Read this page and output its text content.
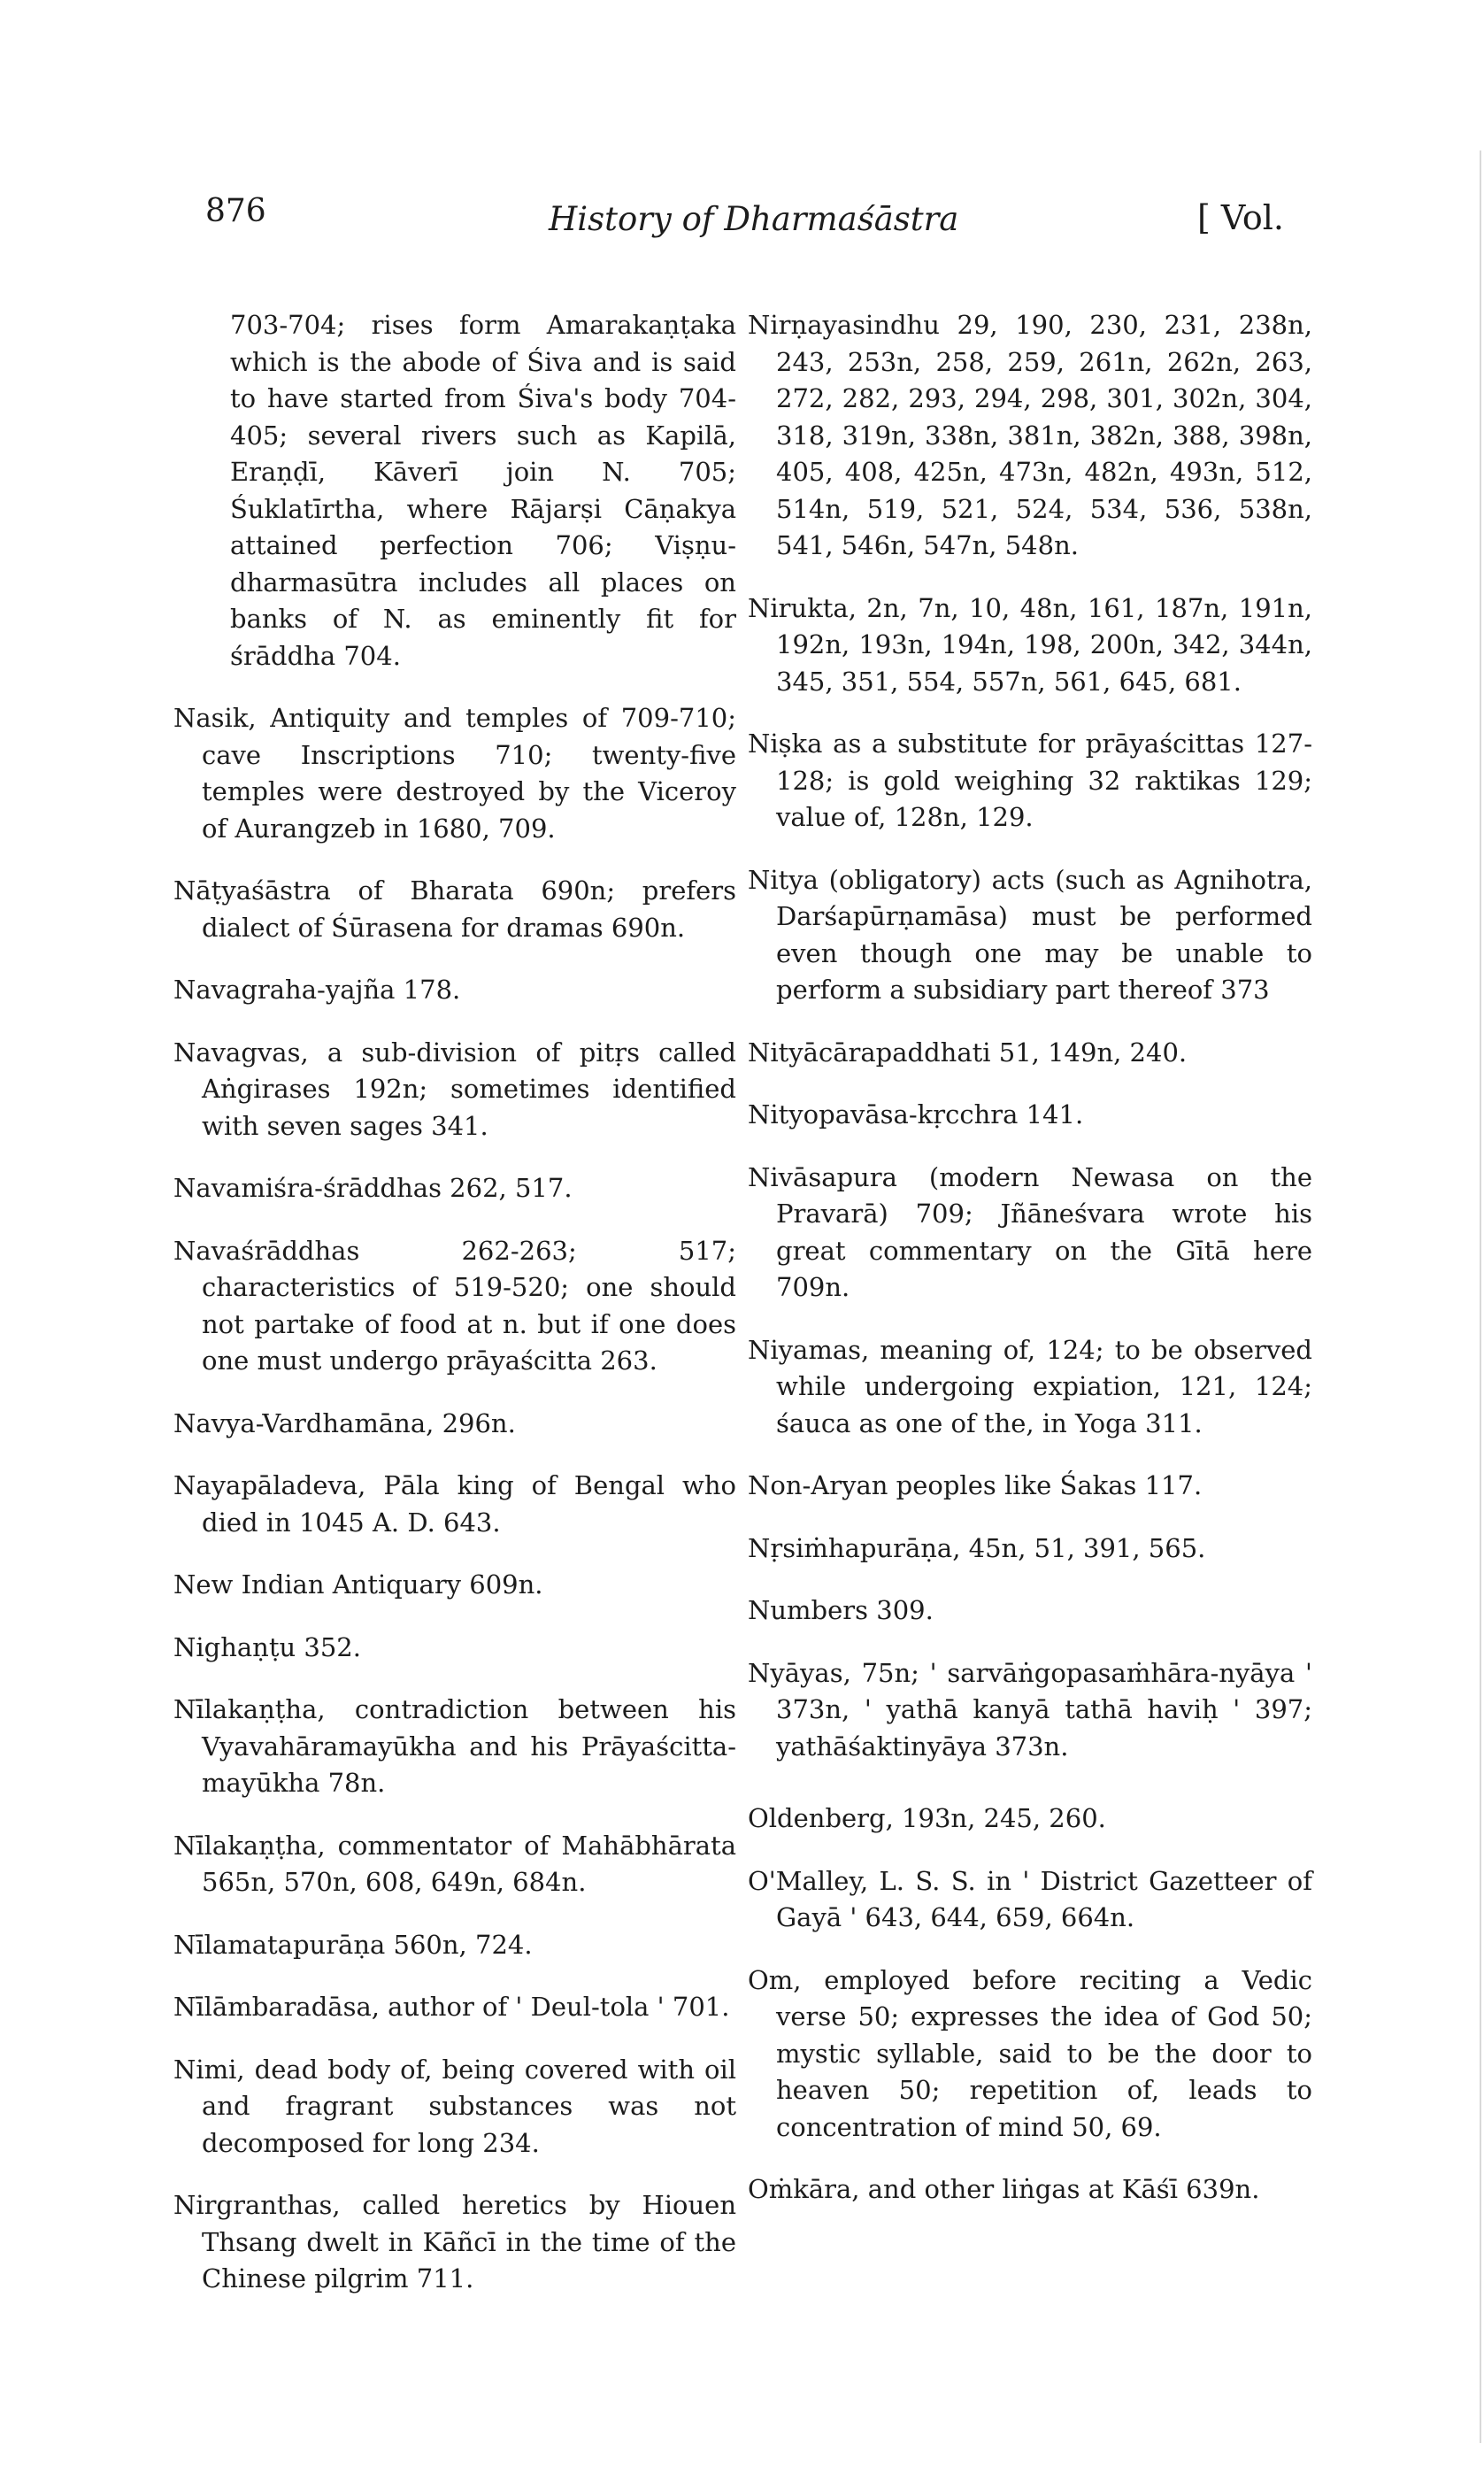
876	History of Dharmaśāstra	[ Vol.

703-704; rises form Amarakaṇṭaka which is the abode of Śiva and is said to have started from Śiva's body 704-405; several rivers such as Kapilā, Eraṇḍī, Kāverī join N. 705; Śuklatīrtha, where Rājarṣi Cāṇakya attained perfection 706; Viṣṇu-dharmasūtra includes all places on banks of N. as eminently fit for śrāddha 704.

Nasik, Antiquity and temples of 709-710; cave Inscriptions 710; twenty-five temples were destroyed by the Viceroy of Aurangzeb in 1680, 709.

Nāṭyaśāstra of Bharata 690n; prefers dialect of Śūrasena for dramas 690n.

Navagraha-yajña 178.

Navagvas, a sub-division of pitṛs called Aṅgirases 192n; sometimes identified with seven sages 341.

Navamiśra-śrāddhas 262, 517.

Navaśrāddhas 262-263; 517; characteristics of 519-520; one should not partake of food at n. but if one does one must undergo prāyaścitta 263.

Navya-Vardhamāna, 296n.

Nayapāladeva, Pāla king of Bengal who died in 1045 A. D. 643.

New Indian Antiquary 609n.

Nighaṇṭu 352.

Nīlakaṇṭha, contradiction between his Vyavahāramayūkha and his Prāyaścitta-mayūkha 78n.

Nīlakaṇṭha, commentator of Mahābhārata 565n, 570n, 608, 649n, 684n.

Nīlamatapurāṇa 560n, 724.

Nīlāmbaradāsa, author of ' Deul-tola ' 701.

Nimi, dead body of, being covered with oil and fragrant substances was not decomposed for long 234.

Nirgranthas, called heretics by Hiouen Thsang dwelt in Kāñcī in the time of the Chinese pilgrim 711.

Nirṇayasindhu 29, 190, 230, 231, 238n, 243, 253n, 258, 259, 261n, 262n, 263, 272, 282, 293, 294, 298, 301, 302n, 304, 318, 319n, 338n, 381n, 382n, 388, 398n, 405, 408, 425n, 473n, 482n, 493n, 512, 514n, 519, 521, 524, 534, 536, 538n, 541, 546n, 547n, 548n.

Nirukta, 2n, 7n, 10, 48n, 161, 187n, 191n, 192n, 193n, 194n, 198, 200n, 342, 344n, 345, 351, 554, 557n, 561, 645, 681.

Niṣka as a substitute for prāyaścittas 127-128; is gold weighing 32 raktikas 129; value of, 128n, 129.

Nitya (obligatory) acts (such as Agnihotra, Darśapūrṇamāsa) must be performed even though one may be unable to perform a subsidiary part thereof 373

Nityācārapaddhati 51, 149n, 240.

Nityopavāsa-kṛcchra 141.

Nivāsapura (modern Newasa on the Pravarā) 709; Jñāneśvara wrote his great commentary on the Gītā here 709n.

Niyamas, meaning of, 124; to be observed while undergoing expiation, 121, 124; śauca as one of the, in Yoga 311.

Non-Aryan peoples like Śakas 117.

Nṛsiṁhapurāṇa, 45n, 51, 391, 565.

Numbers 309.

Nyāyas, 75n; ' sarvāṅgopasaṁhāra-nyāya ' 373n, ' yathā kanyā tathā haviḥ ' 397; yathāśaktinyāya 373n.

Oldenberg, 193n, 245, 260.

O'Malley, L. S. S. in ' District Gazetteer of Gayā ' 643, 644, 659, 664n.

Om, employed before reciting a Vedic verse 50; expresses the idea of God 50; mystic syllable, said to be the door to heaven 50; repetition of, leads to concentration of mind 50, 69.

Oṁkāra, and other liṅgas at Kāśī 639n.
